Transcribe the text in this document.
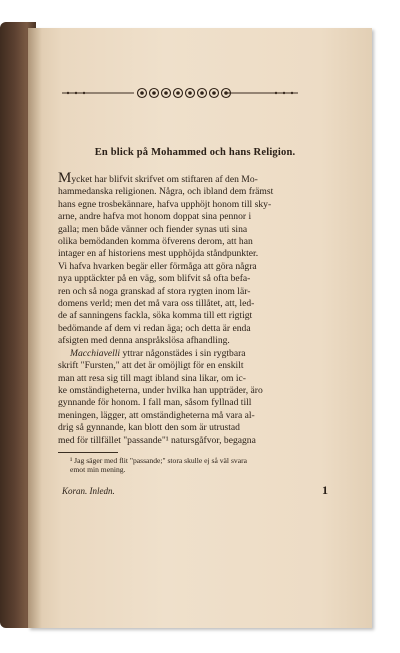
En blick på Mohammed och hans Religion.

Mycket har blifvit skrifvet om stiftaren af den Mo-

hammedanska religionen. Några, och ibland dem främst

hans egne trosbekännare, hafva upphöjt honom till sky-

arne, andre hafva mot honom doppat sina pennor i

galla; men både vänner och fiender synas uti sina

olika bemödanden komma öfverens derom, att han

intager en af historiens mest upphöjda ståndpunkter.

Vi hafva hvarken begär eller förmåga att göra några

nya upptäckter på en väg, som blifvit så ofta befa-

ren och så noga granskad af stora rygten inom lär-

domens verld; men det må vara oss tillåtet, att, led-

de af sanningens fackla, söka komma till ett rigtigt

bedömande af dem vi redan äga; och detta är enda

afsigten med denna anspråkslösa afhandling.

Macchiavelli yttrar någonstädes i sin rygtbara

skrift "Fursten," att det är omöjligt för en enskilt

man att resa sig till magt ibland sina likar, om ic-

ke omständigheterna, under hvilka han uppträder, äro

gynnande för honom. I fall man, såsom fyllnad till

meningen, lägger, att omständigheterna må vara al-

drig så gynnande, kan blott den som är utrustad

med för tillfället "passande"¹ natursgåfvor, begagna

¹ Jag säger med flit "passande;" stora skulle ej så väl svara

emot min mening.

Koran. Inledn.	1
